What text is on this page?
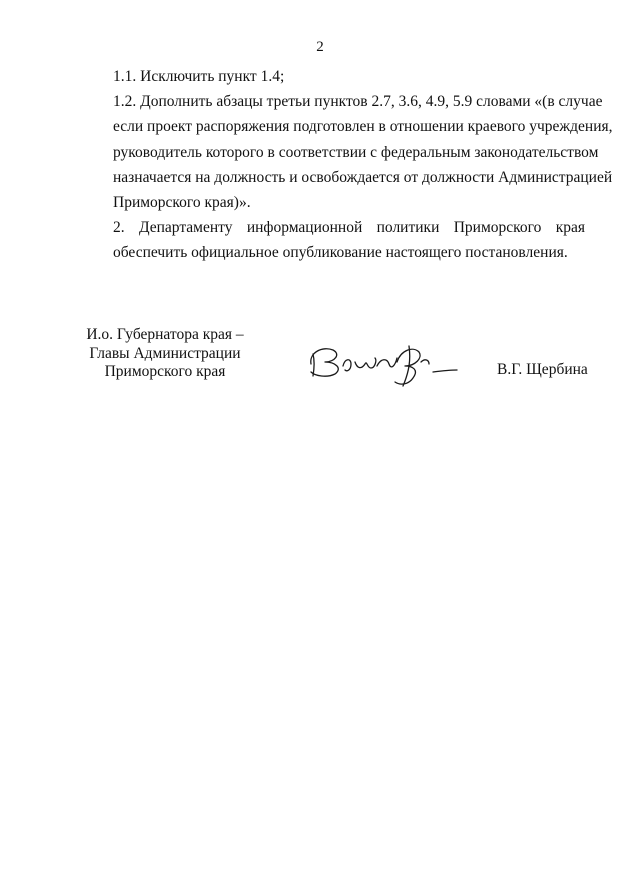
2

1.1. Исключить пункт 1.4;

1.2. Дополнить абзацы третьи пунктов 2.7, 3.6, 4.9, 5.9 словами «(в случае
если проект распоряжения подготовлен в отношении краевого учреждения,
руководитель которого в соответствии с федеральным законодательством
назначается на должность и освобождается от должности Администрацией
Приморского края)».

2. Департаменту информационной политики Приморского края
обеспечить официальное опубликование настоящего постановления.

И.о. Губернатора края –
Главы Администрации
Приморского края	В.Г. Щербина
